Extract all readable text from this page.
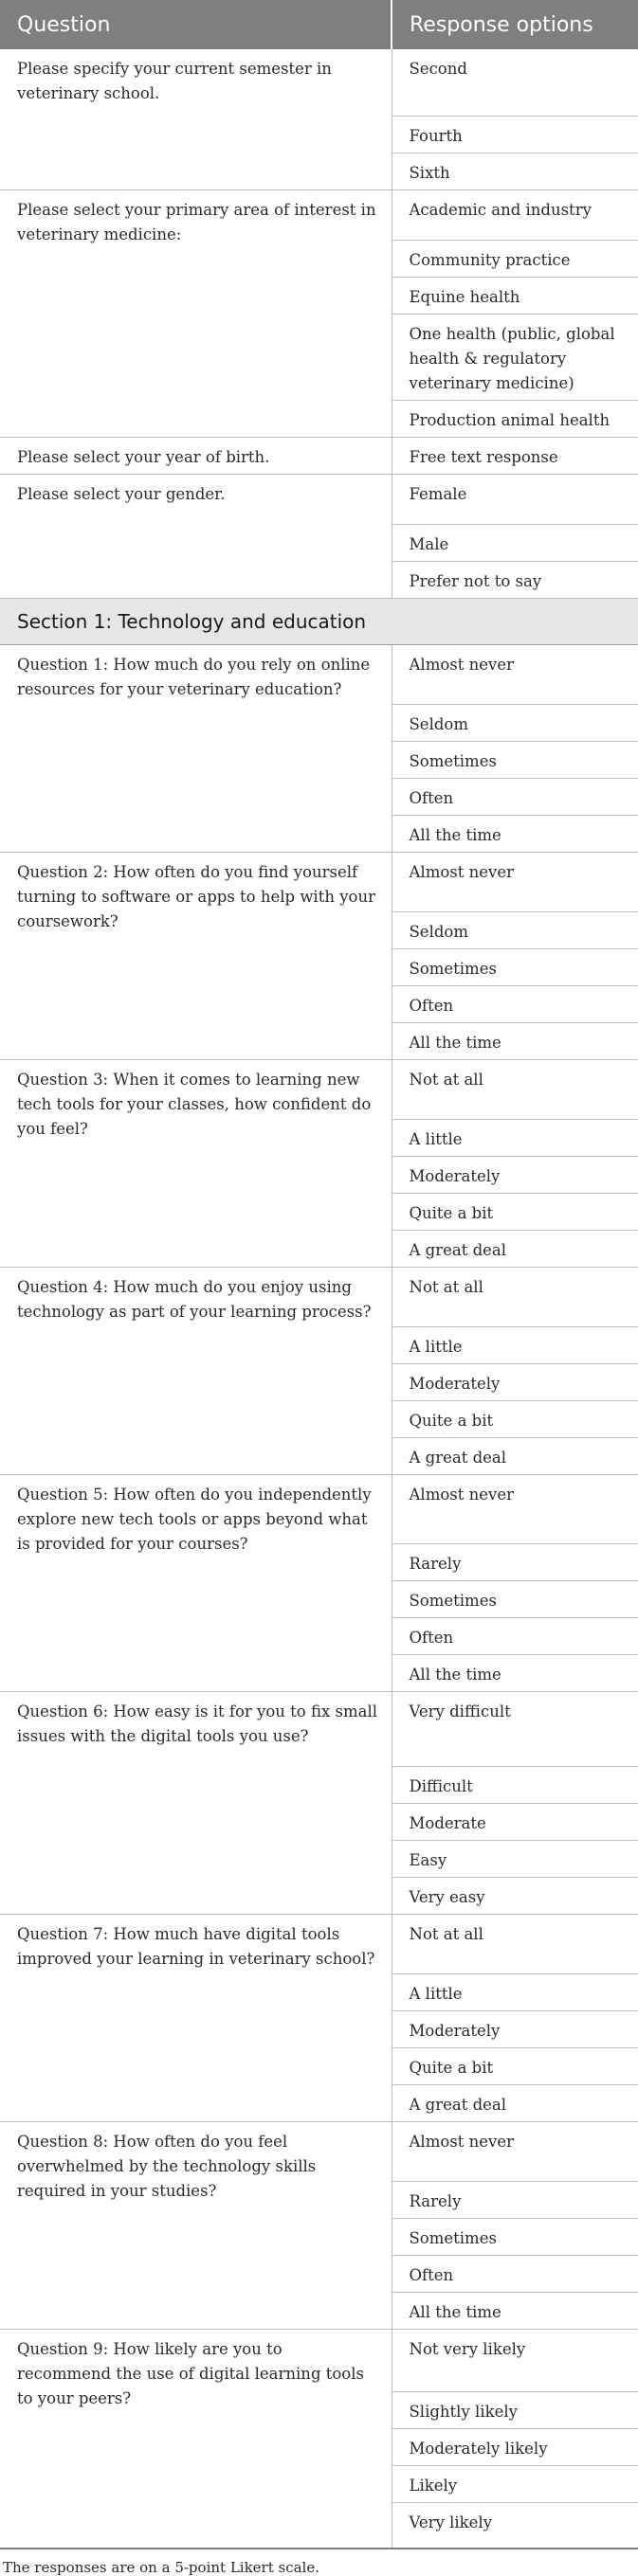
Question	Response options
Please specify your current semester in veterinary school.	Second
	Fourth
	Sixth
Please select your primary area of interest in veterinary medicine:	Academic and industry
	Community practice
	Equine health
	One health (public, global health & regulatory veterinary medicine)
	Production animal health
Please select your year of birth.	Free text response
Please select your gender.	Female
	Male
	Prefer not to say
Section 1: Technology and education	
Question 1: How much do you rely on online resources for your veterinary education?	Almost never
	Seldom
	Sometimes
	Often
	All the time
Question 2: How often do you find yourself turning to software or apps to help with your coursework?	Almost never
	Seldom
	Sometimes
	Often
	All the time
Question 3: When it comes to learning new tech tools for your classes, how confident do you feel?	Not at all
	A little
	Moderately
	Quite a bit
	A great deal
Question 4: How much do you enjoy using technology as part of your learning process?	Not at all
	A little
	Moderately
	Quite a bit
	A great deal
Question 5: How often do you independently explore new tech tools or apps beyond what is provided for your courses?	Almost never
	Rarely
	Sometimes
	Often
	All the time
Question 6: How easy is it for you to fix small issues with the digital tools you use?	Very difficult
	Difficult
	Moderate
	Easy
	Very easy
Question 7: How much have digital tools improved your learning in veterinary school?	Not at all
	A little
	Moderately
	Quite a bit
	A great deal
Question 8: How often do you feel overwhelmed by the technology skills required in your studies?	Almost never
	Rarely
	Sometimes
	Often
	All the time
Question 9: How likely are you to recommend the use of digital learning tools to your peers?	Not very likely
	Slightly likely
	Moderately likely
	Likely
	Very likely
The responses are on a 5-point Likert scale.
